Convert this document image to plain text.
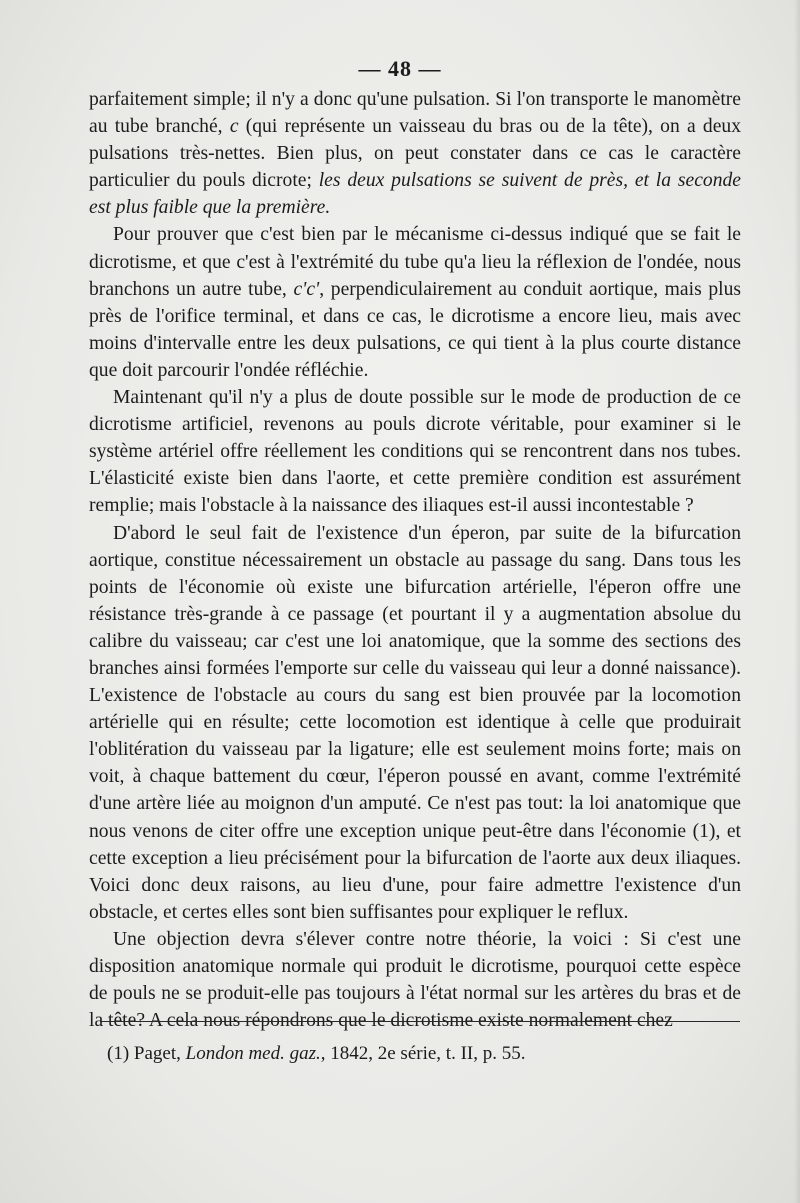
— 48 —

parfaitement simple; il n'y a donc qu'une pulsation. Si l'on transporte le manomètre au tube branché, c (qui représente un vaisseau du bras ou de la tête), on a deux pulsations très-nettes. Bien plus, on peut constater dans ce cas le caractère particulier du pouls dicrote; les deux pulsations se suivent de près, et la seconde est plus faible que la première.

Pour prouver que c'est bien par le mécanisme ci-dessus indiqué que se fait le dicrotisme, et que c'est à l'extrémité du tube qu'a lieu la réflexion de l'ondée, nous branchons un autre tube, c'c', perpendiculairement au conduit aortique, mais plus près de l'orifice terminal, et dans ce cas, le dicrotisme a encore lieu, mais avec moins d'intervalle entre les deux pulsations, ce qui tient à la plus courte distance que doit parcourir l'ondée réfléchie.

Maintenant qu'il n'y a plus de doute possible sur le mode de production de ce dicrotisme artificiel, revenons au pouls dicrote véritable, pour examiner si le système artériel offre réellement les conditions qui se rencontrent dans nos tubes. L'élasticité existe bien dans l'aorte, et cette première condition est assurément remplie; mais l'obstacle à la naissance des iliaques est-il aussi incontestable ?

D'abord le seul fait de l'existence d'un éperon, par suite de la bifurcation aortique, constitue nécessairement un obstacle au passage du sang. Dans tous les points de l'économie où existe une bifurcation artérielle, l'éperon offre une résistance très-grande à ce passage (et pourtant il y a augmentation absolue du calibre du vaisseau; car c'est une loi anatomique, que la somme des sections des branches ainsi formées l'emporte sur celle du vaisseau qui leur a donné naissance). L'existence de l'obstacle au cours du sang est bien prouvée par la locomotion artérielle qui en résulte; cette locomotion est identique à celle que produirait l'oblitération du vaisseau par la ligature; elle est seulement moins forte; mais on voit, à chaque battement du cœur, l'éperon poussé en avant, comme l'extrémité d'une artère liée au moignon d'un amputé. Ce n'est pas tout: la loi anatomique que nous venons de citer offre une exception unique peut-être dans l'économie (1), et cette exception a lieu précisément pour la bifurcation de l'aorte aux deux iliaques. Voici donc deux raisons, au lieu d'une, pour faire admettre l'existence d'un obstacle, et certes elles sont bien suffisantes pour expliquer le reflux.

Une objection devra s'élever contre notre théorie, la voici : Si c'est une disposition anatomique normale qui produit le dicrotisme, pourquoi cette espèce de pouls ne se produit-elle pas toujours à l'état normal sur les artères du bras et de la tête? A cela nous répondrons que le dicrotisme existe normalement chez

(1) Paget, London med. gaz., 1842, 2e série, t. II, p. 55.
